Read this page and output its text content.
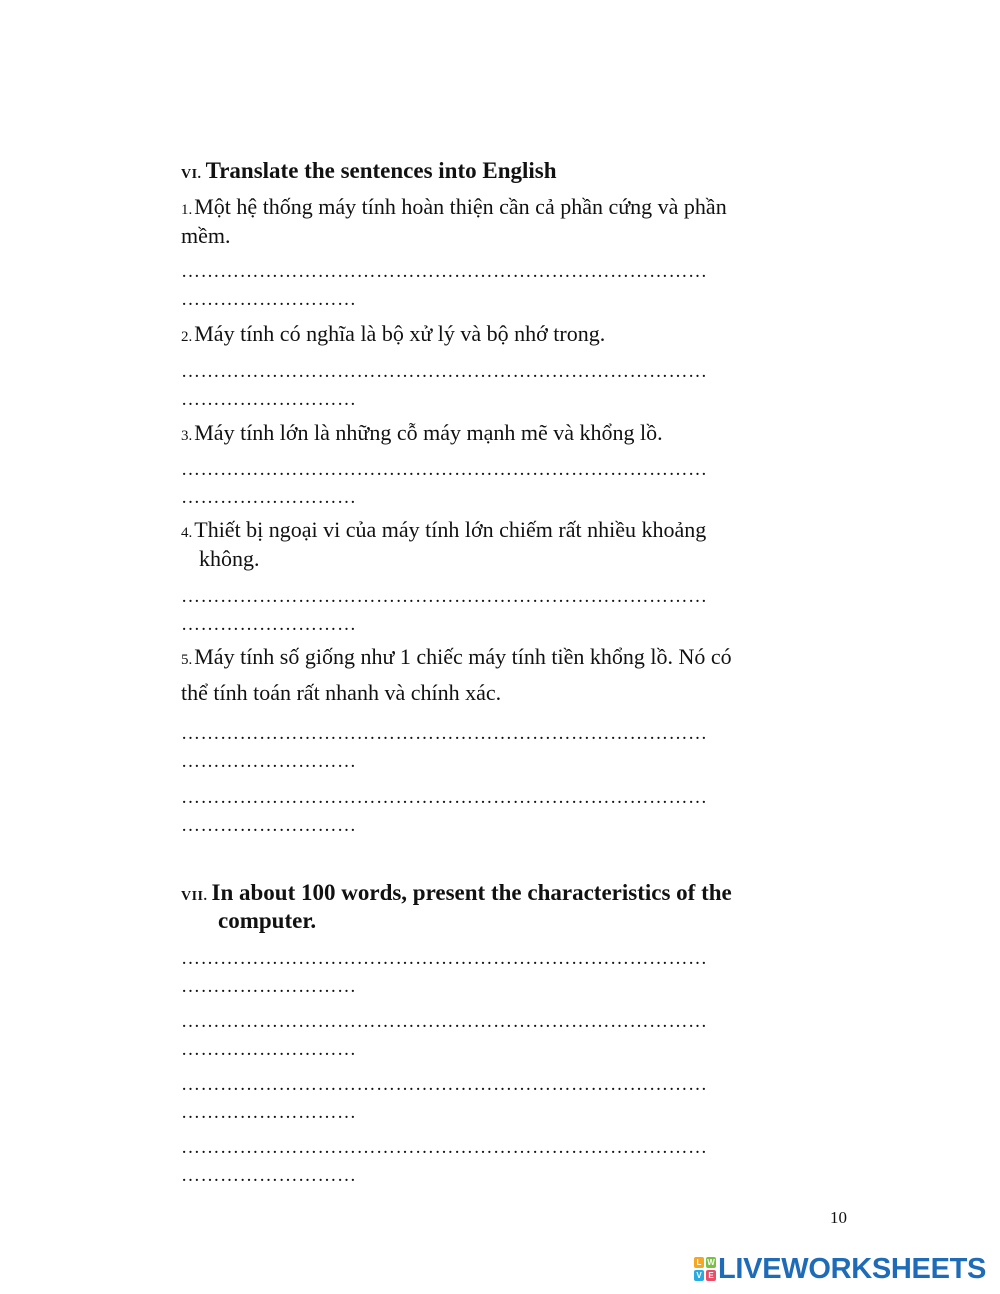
VI. Translate the sentences into English
1.Một hệ thống máy tính hoàn thiện cần cả phần cứng và phần
mềm.
………………………………………………………………………
………………………
2.Máy tính có nghĩa là bộ xử lý và bộ nhớ trong.
………………………………………………………………………
………………………
3.Máy tính lớn là những cỗ máy mạnh mẽ và khổng lồ.
………………………………………………………………………
………………………
4.Thiết bị ngoại vi của máy tính lớn chiếm rất nhiều khoảng
không.
………………………………………………………………………
………………………
5.Máy tính số giống như 1 chiếc máy tính tiền khổng lồ. Nó có
thể tính toán rất nhanh và chính xác.
………………………………………………………………………
………………………
………………………………………………………………………
………………………
VII. In about 100 words, present the characteristics of the
computer.
………………………………………………………………………
………………………
………………………………………………………………………
………………………
………………………………………………………………………
………………………
………………………………………………………………………
………………………
10
L W
V E LIVEWORKSHEETS
